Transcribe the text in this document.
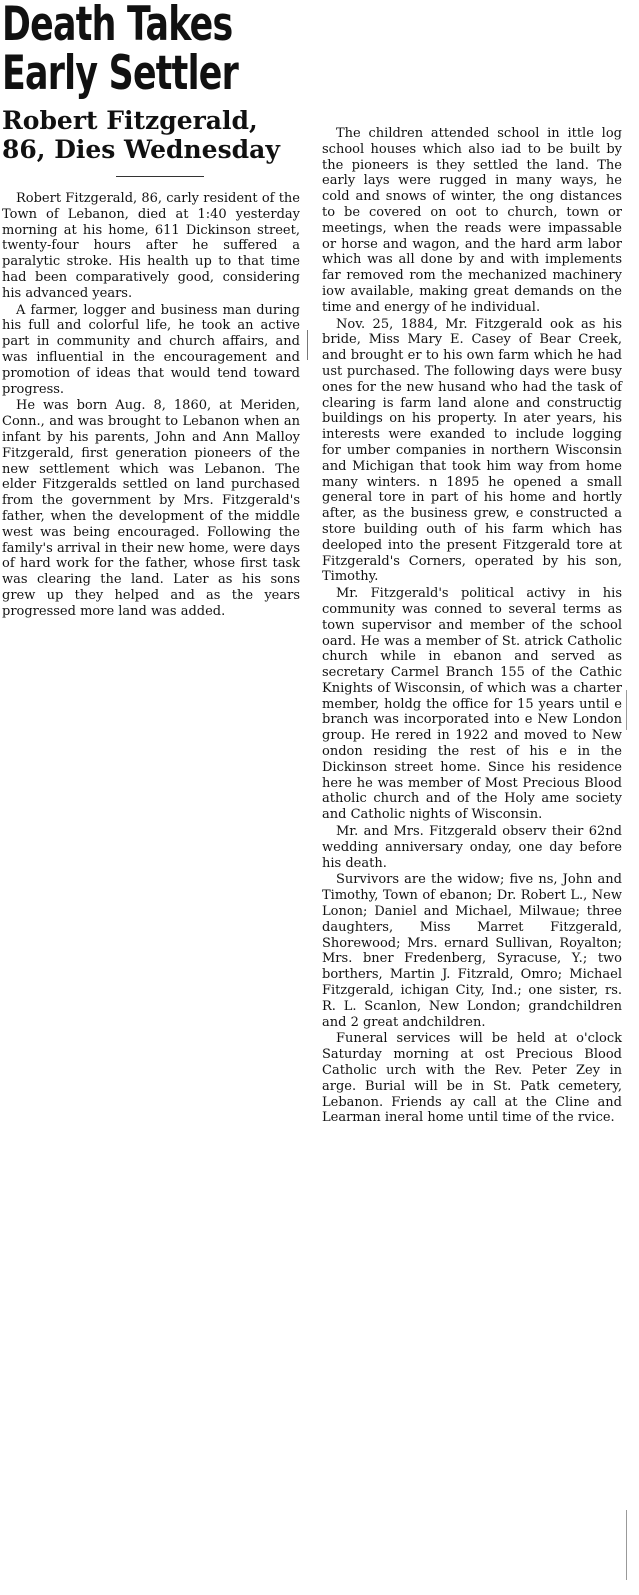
Death Takes
Early Settler
Robert Fitzgerald,
86, Dies Wednesday

Robert Fitzgerald, 86, carly resident of the Town of Lebanon, died at 1:40 yesterday morning at his home, 611 Dickinson street, twenty-four hours after he suffered a paralytic stroke. His health up to that time had been comparatively good, considering his advanced years.

A farmer, logger and business man during his full and colorful life, he took an active part in community and church affairs, and was influential in the encouragement and promotion of ideas that would tend toward progress.

He was born Aug. 8, 1860, at Meriden, Conn., and was brought to Lebanon when an infant by his parents, John and Ann Malloy Fitzgerald, first generation pioneers of the new settlement which was Lebanon. The elder Fitzgeralds settled on land purchased from the government by Mrs. Fitzgerald's father, when the development of the middle west was being encouraged. Following the family's arrival in their new home, were days of hard work for the father, whose first task was clearing the land. Later as his sons grew up they helped and as the years progressed more land was added.

The children attended school in ittle log school houses which also iad to be built by the pioneers is they settled the land. The early lays were rugged in many ways, he cold and snows of winter, the ong distances to be covered on oot to church, town or meetings, when the reads were impassable or horse and wagon, and the hard arm labor which was all done by and with implements far removed rom the mechanized machinery iow available, making great demands on the time and energy of he individual.

Nov. 25, 1884, Mr. Fitzgerald ook as his bride, Miss Mary E. Casey of Bear Creek, and brought er to his own farm which he had ust purchased. The following days were busy ones for the new husand who had the task of clearing is farm land alone and constructig buildings on his property. In ater years, his interests were exanded to include logging for umber companies in northern Wisconsin and Michigan that took him way from home many winters. n 1895 he opened a small general tore in part of his home and hortly after, as the business grew, e constructed a store building outh of his farm which has deeloped into the present Fitzgerald tore at Fitzgerald's Corners, operated by his son, Timothy.

Mr. Fitzgerald's political activy in his community was conned to several terms as town supervisor and member of the school oard. He was a member of St. atrick Catholic church while in ebanon and served as secretary Carmel Branch 155 of the Cathic Knights of Wisconsin, of which was a charter member, holdg the office for 15 years until e branch was incorporated into e New London group. He rered in 1922 and moved to New ondon residing the rest of his e in the Dickinson street home. Since his residence here he was member of Most Precious Blood atholic church and of the Holy ame society and Catholic nights of Wisconsin.

Mr. and Mrs. Fitzgerald observ their 62nd wedding anniversary onday, one day before his death.

Survivors are the widow; five ns, John and Timothy, Town of ebanon; Dr. Robert L., New Lonon; Daniel and Michael, Milwaue; three daughters, Miss Marret Fitzgerald, Shorewood; Mrs. ernard Sullivan, Royalton; Mrs. bner Fredenberg, Syracuse, Y.; two borthers, Martin J. Fitzrald, Omro; Michael Fitzgerald, ichigan City, Ind.; one sister, rs. R. L. Scanlon, New London; grandchildren and 2 great andchildren.

Funeral services will be held at o'clock Saturday morning at ost Precious Blood Catholic urch with the Rev. Peter Zey in arge. Burial will be in St. Patk cemetery, Lebanon. Friends ay call at the Cline and Learman ineral home until time of the rvice.
